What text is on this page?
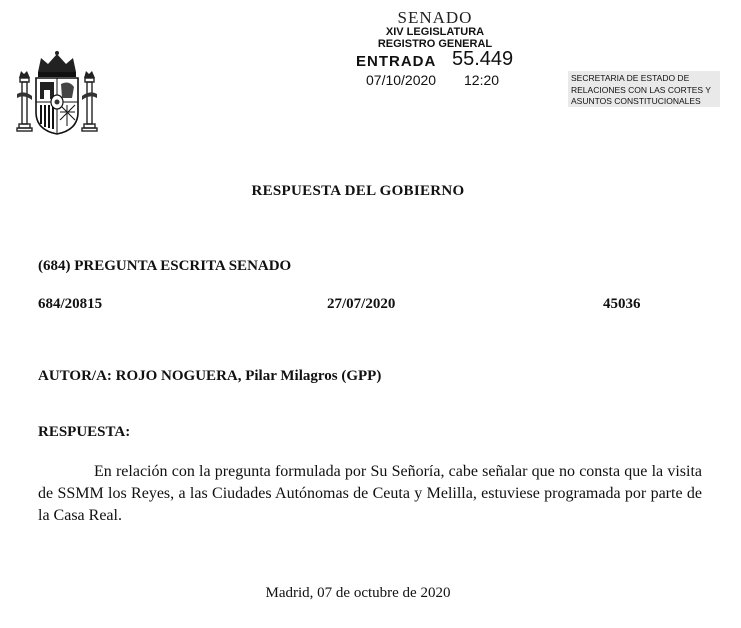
SENADO
XIV LEGISLATURA
REGISTRO GENERAL
ENTRADA 55.449
07/10/2020 12:20	SECRETARIA DE ESTADO DE
RELACIONES CON LAS CORTES Y
ASUNTOS CONSTITUCIONALES
RESPUESTA DEL GOBIERNO
(684) PREGUNTA ESCRITA SENADO
684/20815	27/07/2020	45036
AUTOR/A: ROJO NOGUERA, Pilar Milagros (GPP)
RESPUESTA:
En relación con la pregunta formulada por Su Señoría, cabe señalar que no consta que la visita de SSMM los Reyes, a las Ciudades Autónomas de Ceuta y Melilla, estuviese programada por parte de la Casa Real.
Madrid, 07 de octubre de 2020
